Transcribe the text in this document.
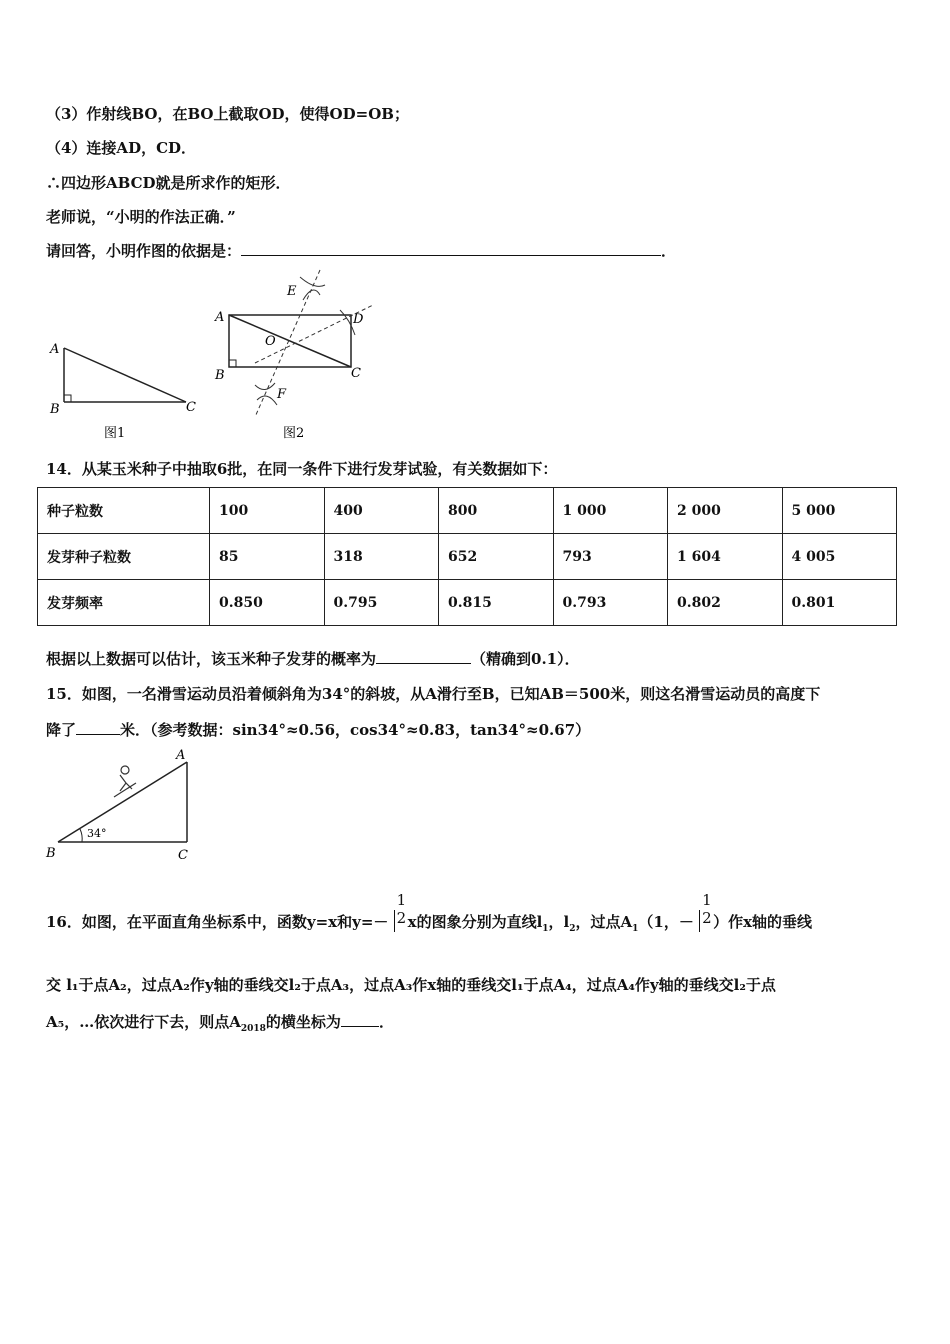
（3）作射线BO，在BO上截取OD，使得OD=OB；
（4）连接AD，CD．
∴四边形ABCD就是所求作的矩形．
老师说，“小明的作法正确．”
请回答，小明作图的依据是：	．
A
B	C
图1
A
B	C
D
E
F
O
图2
14．从某玉米种子中抽取6批，在同一条件下进行发芽试验，有关数据如下：
种子粒数	100	400	800	1 000	2 000	5 000
发芽种子粒数	85	318	652	793	1 604	4 005
发芽频率	0.850	0.795	0.815	0.793	0.802	0.801
根据以上数据可以估计，该玉米种子发芽的概率为	（精确到0.1）．
15．如图，一名滑雪运动员沿着倾斜角为34°的斜坡，从A滑行至B，已知AB＝500米，则这名滑雪运动员的高度下
降了	米．（参考数据：sin34°≈0.56，cos34°≈0.83，tan34°≈0.67）
A
B	C
34°
16．如图，在平面直角坐标系中，函数y=x和y=－
1
2 x的图象分别为直线$l_1$，$l_2$，过点$A_1(1$，－
1
2 ）作x轴的垂线
交 l₁于点A₂，过点A₂作y轴的垂线交l₂于点A₃，过点A₃作x轴的垂线交l₁于点A₄，过点A₄作y轴的垂线交l₂于点
A₅，…依次进行下去，则点$A_{2018}$的横坐标为	．
